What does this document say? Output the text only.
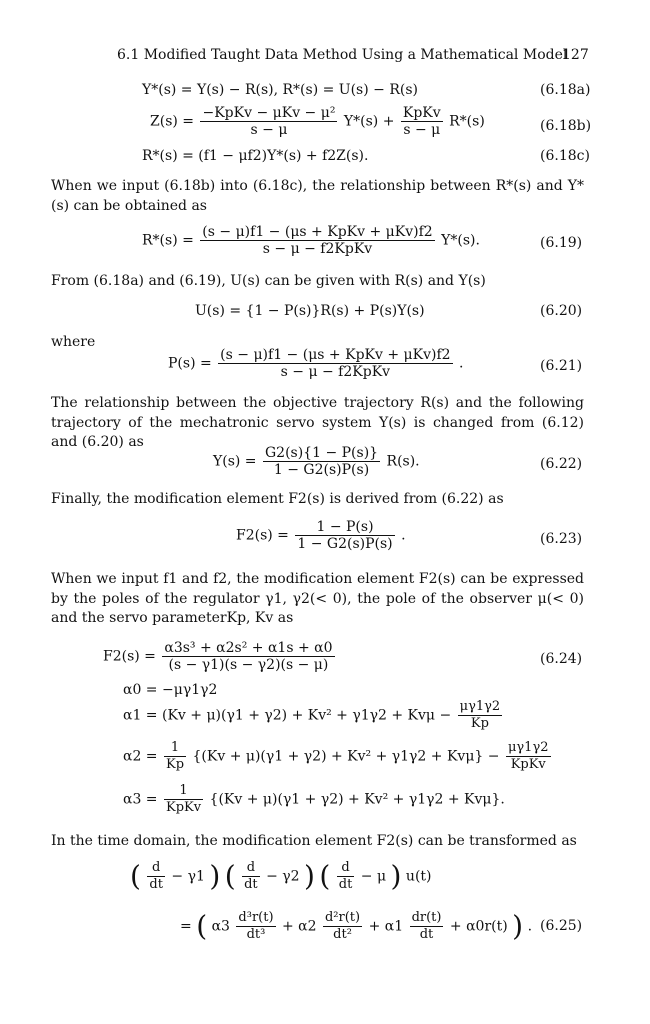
6.1 Modified Taught Data Method Using a Mathematical Model
127
Y*(s) = Y(s) − R(s), R*(s) = U(s) − R(s)	(6.18a)
$Z(s) = \frac{\text{−KpKv − μKv − μ²}}{s - \mu} Y*(s) + \frac{\text{KpKv}}{s - \mu} R*(s)$	(6.18b)
R*(s) = (f1 − μf2)Y*(s) + f2Z(s).	(6.18c)
When we input (6.18b) into (6.18c), the relationship between R*(s) and Y*(s) can be obtained as
$R*(s) = \frac{\text{(s − μ)f1 − (μs + KpKv + μKv)f2}}{\text{s − μ − f2KpKv}} Y*(s)$.	(6.19)
From (6.18a) and (6.19), U(s) can be given with R(s) and Y(s)
U(s) = {1 − P(s)}R(s) + P(s)Y(s)	(6.20)
where
$P(s) = \frac{\text{(s − μ)f1 − (μs + KpKv + μKv)f2}}{\text{s − μ − f2KpKv}}$ .	(6.21)
The relationship between the objective trajectory R(s) and the following trajectory of the mechatronic servo system Y(s) is changed from (6.12) and (6.20) as
$Y(s) = \frac{G2(s)\{1 - P(s)\}}{1 - G2(s)P(s)} R(s)$.	(6.22)
Finally, the modification element F2(s) is derived from (6.22) as
$F2(s) = \frac{1 - P(s)}{1 - G2(s)P(s)}$ .	(6.23)
When we input f1 and f2, the modification element F2(s) can be expressed by the poles of the regulator γ1, γ2(< 0), the pole of the observer μ(< 0) and the servo parameterKp, Kv as
$F2(s) = \frac{\text{α3s³ + α2s² + α1s + α0}}{(s - \gamma 1)(s - \gamma 2)(s - \mu)}$	(6.24)
α0 = −μγ1γ2
$\alpha 1 = (Kv + \mu)(\gamma 1 + \gamma 2) + Kv^2 + \gamma 1\gamma 2 + Kv\mu - \frac{\mu\gamma 1\gamma 2}{Kp}$
$\alpha 2 = \frac{1}{Kp} \{(Kv + \mu)(\gamma 1 + \gamma 2) + Kv^2 + \gamma 1\gamma 2 + Kv\mu\} - \frac{\mu\gamma 1\gamma 2}{\text{KpKv}}$
$\alpha 3 = \frac{1}{\text{KpKv}} \{(Kv + \mu)(\gamma 1 + \gamma 2) + Kv^2 + \gamma 1\gamma 2 + Kv\mu\}$.
In the time domain, the modification element F2(s) can be transformed as
( $\frac{d}{dt} - \gamma 1$ ) ( $\frac{d}{dt} - \gamma 2$ ) ( $\frac{d}{dt} - \mu$ ) u(t)
= ( $\alpha 3 \frac{\text{d³r(t)}}{\text{dt³}} + \alpha 2 \frac{\text{d²r(t)}}{\text{dt²}} + \alpha 1 \frac{dr(t)}{dt} + \alpha 0r(t)$ ) . (6.25)
